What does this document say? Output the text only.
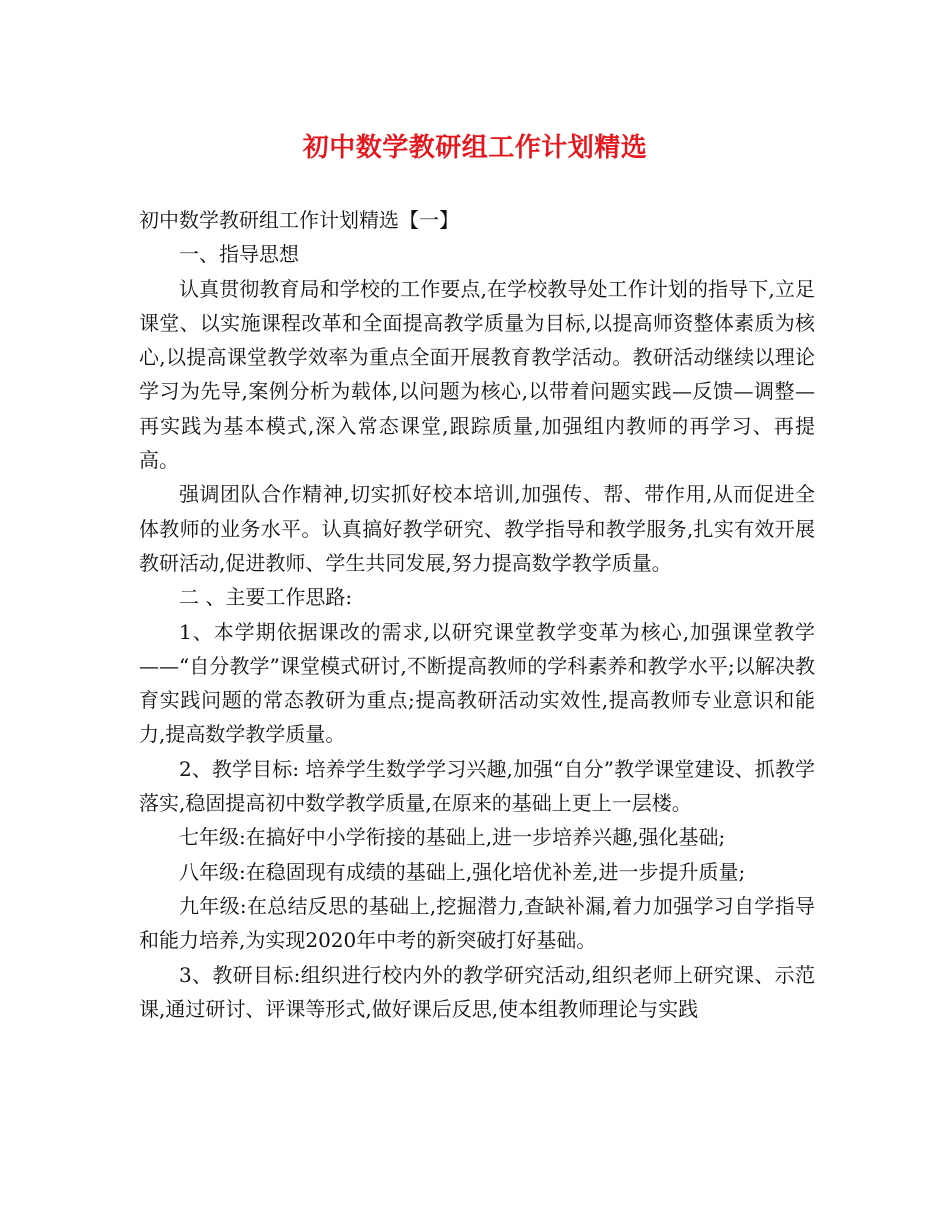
初中数学教研组工作计划精选

初中数学教研组工作计划精选【一】

一、指导思想

认真贯彻教育局和学校的工作要点,在学校教导处工作计划的指导下,立足课堂、以实施课程改革和全面提高教学质量为目标,以提高师资整体素质为核心,以提高课堂教学效率为重点全面开展教育教学活动。教研活动继续以理论学习为先导,案例分析为载体,以问题为核心,以带着问题实践—反馈—调整—再实践为基本模式,深入常态课堂,跟踪质量,加强组内教师的再学习、再提高。

强调团队合作精神,切实抓好校本培训,加强传、帮、带作用,从而促进全体教师的业务水平。认真搞好教学研究、教学指导和教学服务,扎实有效开展教研活动,促进教师、学生共同发展,努力提高数学教学质量。

二 、主要工作思路:

1、本学期依据课改的需求,以研究课堂教学变革为核心,加强课堂教学——“自分教学”课堂模式研讨,不断提高教师的学科素养和教学水平;以解决教育实践问题的常态教研为重点;提高教研活动实效性,提高教师专业意识和能力,提高数学教学质量。

2、教学目标: 培养学生数学学习兴趣,加强“自分”教学课堂建设、抓教学落实,稳固提高初中数学教学质量,在原来的基础上更上一层楼。

七年级:在搞好中小学衔接的基础上,进一步培养兴趣,强化基础;

八年级:在稳固现有成绩的基础上,强化培优补差,进一步提升质量;

九年级:在总结反思的基础上,挖掘潜力,查缺补漏,着力加强学习自学指导和能力培养,为实现2020年中考的新突破打好基础。

3、教研目标:组织进行校内外的教学研究活动,组织老师上研究课、示范课,通过研讨、评课等形式,做好课后反思,使本组教师理论与实践
